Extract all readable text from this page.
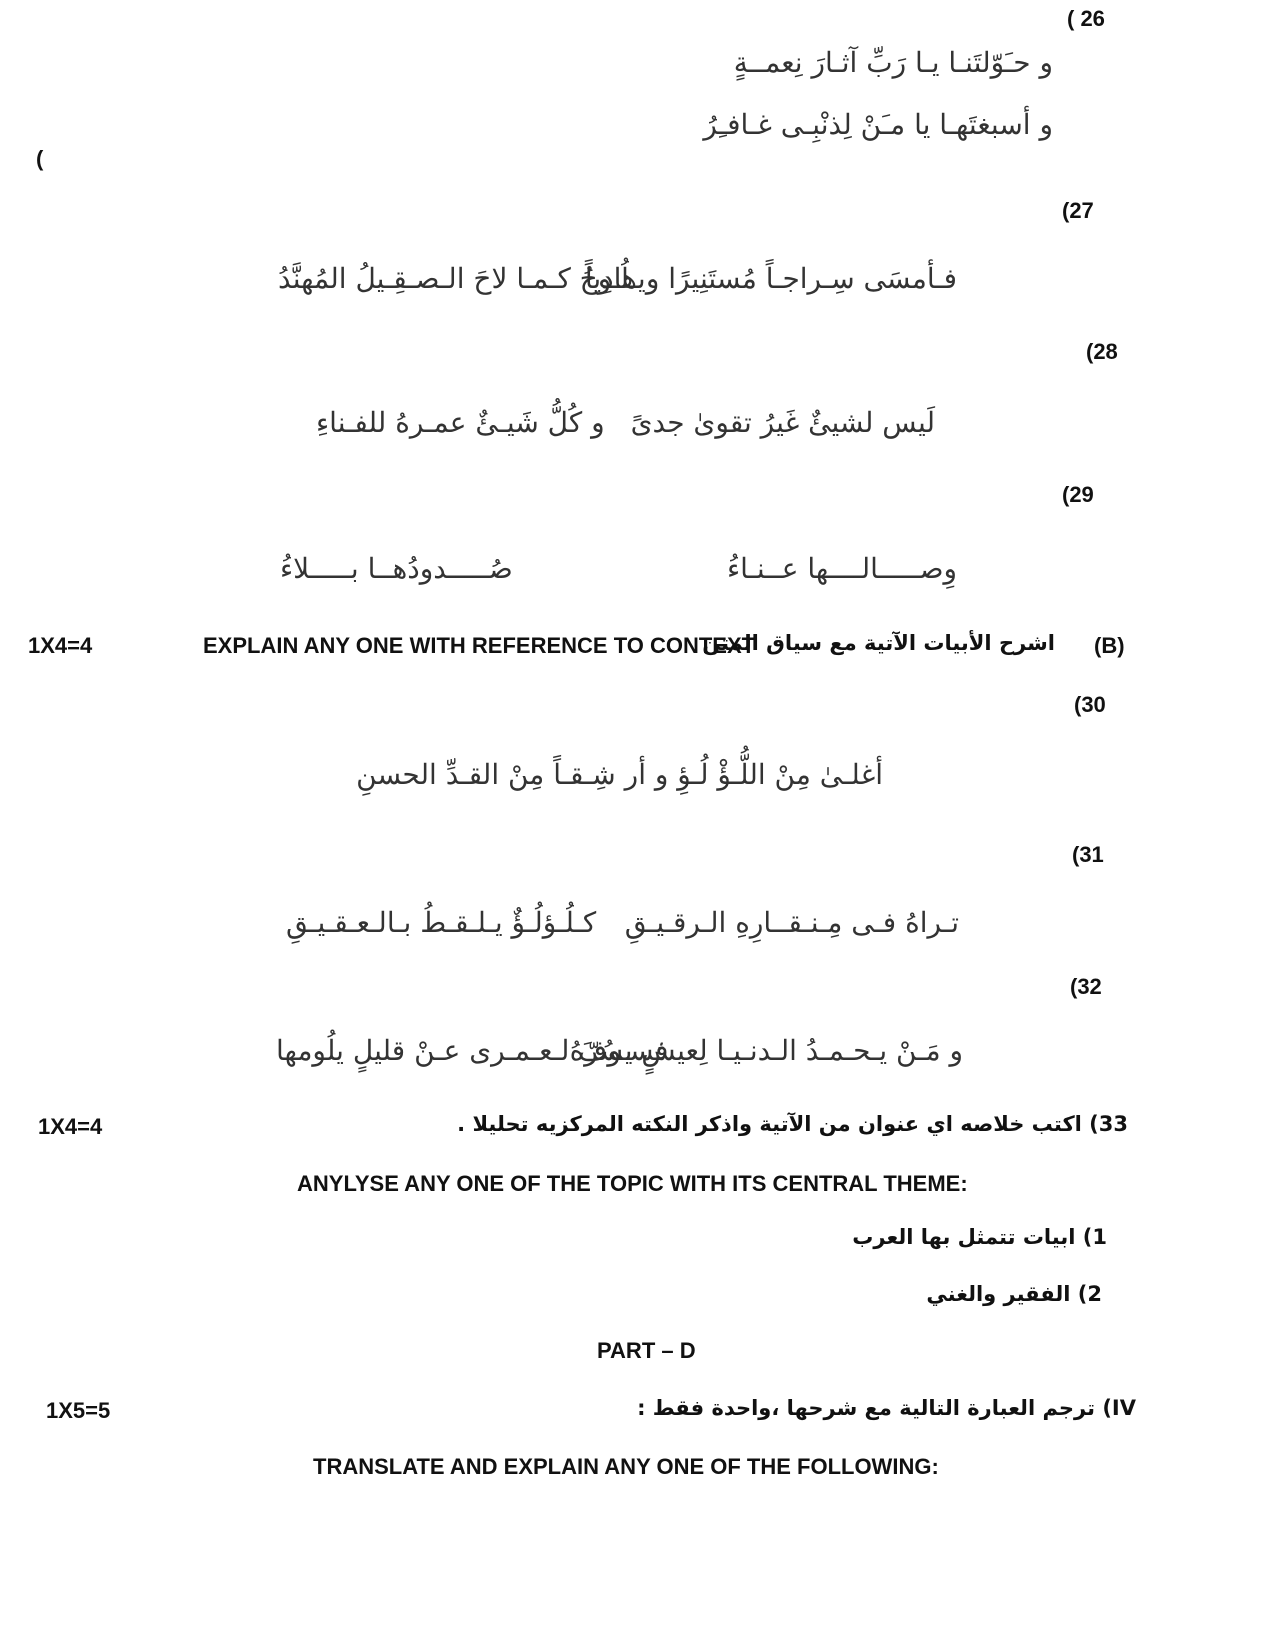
( 26
و حـَوّلتَنـا يـا رَبِّ آثـارَ نِعمــةٍ
و أسبغتَهـا يا مـَنْ لِذنْبِـى غـافـِرُ
(
(27
فـأمسَى سِـراجـاً مُستَنِيرًا و هادِياً
يـلُـوحُ كـمـا لاحَ الـصـقِـيلُ المُهنَّدُ
(28
لَيس لشيئٌ غَيرُ تقوىٰ جدىً
و كُلُّ شَيـئٌ عمـرهُ للفـناءِ
(29
وِصـــــالــــها عــنـاءُ
صُـــــدودُهــا بـــــلاءُ
1X4=4	EXPLAIN ANY ONE WITH REFERENCE TO CONTEXT
اشرح الأبيات الآتية مع سياق المتن (B)
(30
أغلـىٰ مِنْ اللُّـؤْ لُـؤِ و أر شِـقـاً مِنْ القـدِّ الحسنِ
(31
تـراهُ فـى مِـنـقــارِهِ الـرقـيـقِ
كـلُـؤلُـؤٌ يـلـقـطُ بـالـعـقـيـقِ
(32
و مَـنْ يـحـمـدُ الـدنـيـا لِعيشٍ يسُرّهُ
فسـوفَ لـعـمـرى عـنْ قليلٍ يلُومها
1X4=4	33) اكتب خلاصه اي عنوان من الآتية واذكر النكته المركزيه تحليلا .
ANYLYSE ANY ONE OF THE TOPIC WITH ITS CENTRAL THEME:
1) ابيات تتمثل بها العرب
2) الفقير والغني
PART – D
1X5=5	IV) ترجم العبارة التالية مع شرحها ،واحدة فقط :
TRANSLATE AND EXPLAIN ANY ONE OF THE FOLLOWING:
